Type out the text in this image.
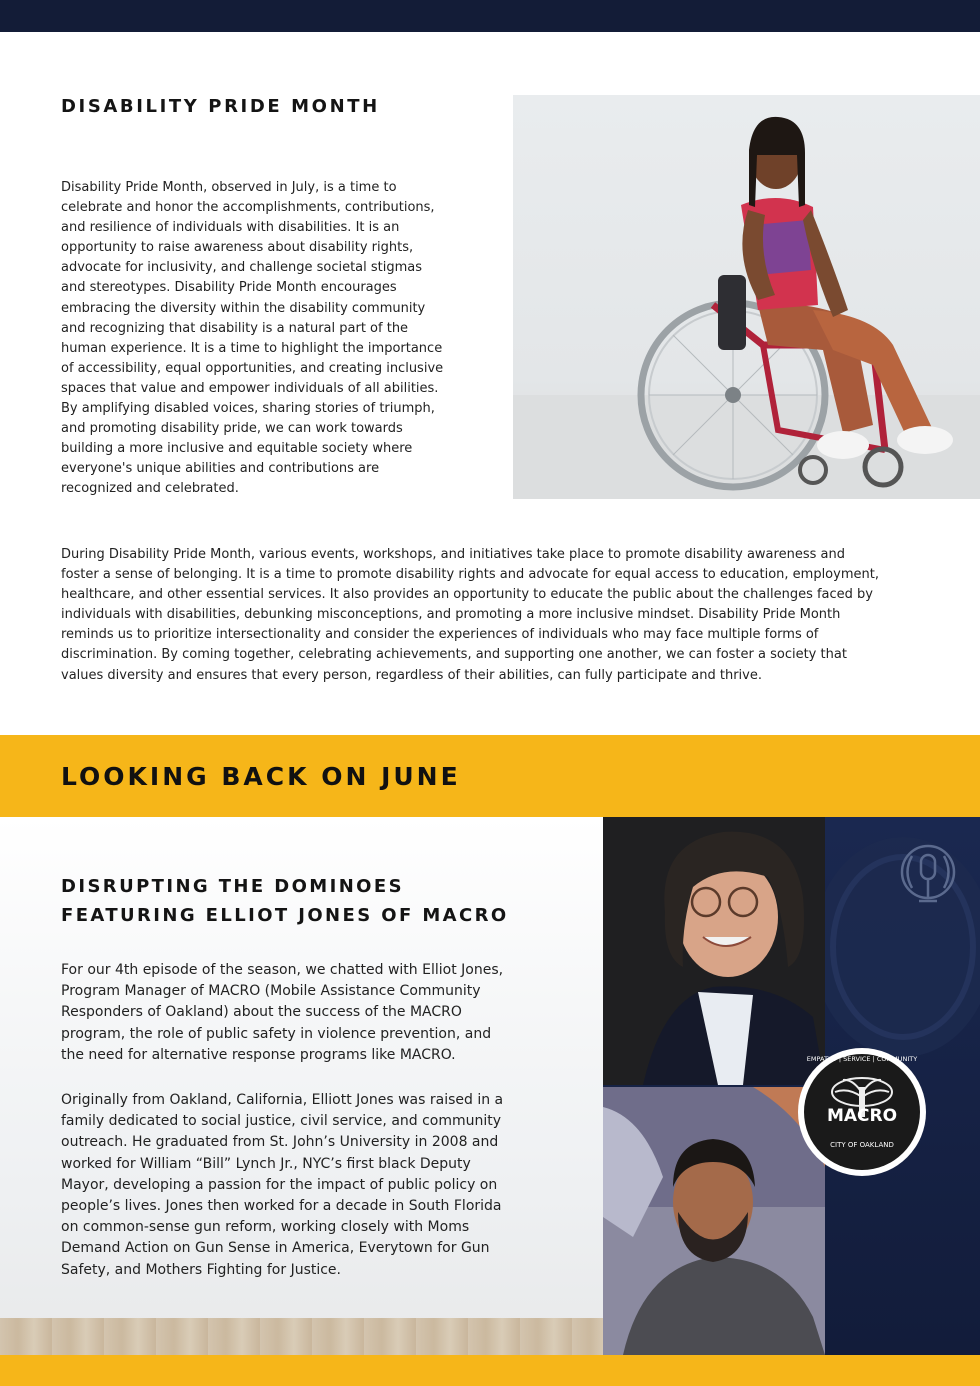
DISABILITY PRIDE MONTH
Disability Pride Month, observed in July, is a time to
celebrate and honor the accomplishments, contributions,
and resilience of individuals with disabilities. It is an
opportunity to raise awareness about disability rights,
advocate for inclusivity, and challenge societal stigmas
and stereotypes. Disability Pride Month encourages
embracing the diversity within the disability community
and recognizing that disability is a natural part of the
human experience. It is a time to highlight the importance
of accessibility, equal opportunities, and creating inclusive
spaces that value and empower individuals of all abilities.
By amplifying disabled voices, sharing stories of triumph,
and promoting disability pride, we can work towards
building a more inclusive and equitable society where
everyone's unique abilities and contributions are
recognized and celebrated.
During Disability Pride Month, various events, workshops, and initiatives take place to promote disability awareness and
foster a sense of belonging. It is a time to promote disability rights and advocate for equal access to education, employment,
healthcare, and other essential services. It also provides an opportunity to educate the public about the challenges faced by
individuals with disabilities, debunking misconceptions, and promoting a more inclusive mindset. Disability Pride Month
reminds us to prioritize intersectionality and consider the experiences of individuals who may face multiple forms of
discrimination. By coming together, celebrating achievements, and supporting one another, we can foster a society that
values diversity and ensures that every person, regardless of their abilities, can fully participate and thrive.
LOOKING BACK ON JUNE
DISRUPTING THE DOMINOES
FEATURING ELLIOT JONES OF MACRO
For our 4th episode of the season, we chatted with Elliot Jones,
Program Manager of MACRO (Mobile Assistance Community
Responders of Oakland) about the success of the MACRO
program, the role of public safety in violence prevention, and
the need for alternative response programs like MACRO.
Originally from Oakland, California, Elliott Jones was raised in a
family dedicated to social justice, civil service, and community
outreach. He graduated from St. John’s University in 2008 and
worked for William “Bill” Lynch Jr., NYC’s first black Deputy
Mayor, developing a passion for the impact of public policy on
people’s lives. Jones then worked for a decade in South Florida
on common-sense gun reform, working closely with Moms
Demand Action on Gun Sense in America, Everytown for Gun
Safety, and Mothers Fighting for Justice.
MACRO
EMPATHY | SERVICE | COMMUNITY
CITY OF OAKLAND
